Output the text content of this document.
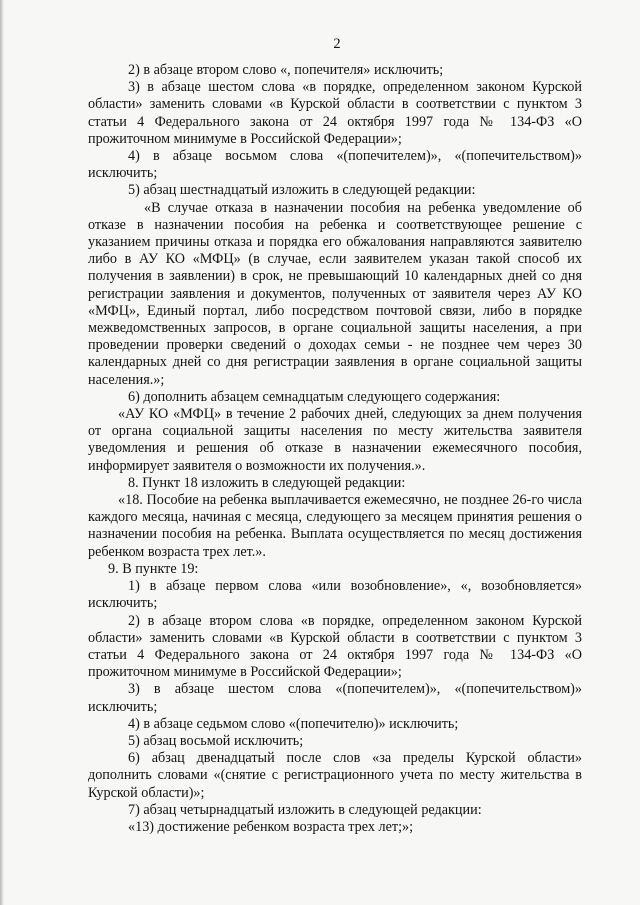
2

2) в абзаце втором слово «, попечителя» исключить;

3) в абзаце шестом слова «в порядке, определенном законом Курской области» заменить словами «в Курской области в соответствии с пунктом 3 статьи 4 Федерального закона от 24 октября 1997 года № 134-ФЗ «О прожиточном минимуме в Российской Федерации»;

4) в абзаце восьмом слова «(попечителем)», «(попечительством)» исключить;

5) абзац шестнадцатый изложить в следующей редакции:

«В случае отказа в назначении пособия на ребенка уведомление об отказе в назначении пособия на ребенка и соответствующее решение с указанием причины отказа и порядка его обжалования направляются заявителю либо в АУ КО «МФЦ» (в случае, если заявителем указан такой способ их получения в заявлении) в срок, не превышающий 10 календарных дней со дня регистрации заявления и документов, полученных от заявителя через АУ КО «МФЦ», Единый портал, либо посредством почтовой связи, либо в порядке межведомственных запросов, в органе социальной защиты населения, а при проведении проверки сведений о доходах семьи - не позднее чем через 30 календарных дней со дня регистрации заявления в органе социальной защиты населения.»;

6) дополнить абзацем семнадцатым следующего содержания:

«АУ КО «МФЦ» в течение 2 рабочих дней, следующих за днем получения от органа социальной защиты населения по месту жительства заявителя уведомления и решения об отказе в назначении ежемесячного пособия, информирует заявителя о возможности их получения.».

8. Пункт 18 изложить в следующей редакции:

«18. Пособие на ребенка выплачивается ежемесячно, не позднее 26-го числа каждого месяца, начиная с месяца, следующего за месяцем принятия решения о назначении пособия на ребенка. Выплата осуществляется по месяц достижения ребенком возраста трех лет.».

9. В пункте 19:

1) в абзаце первом слова «или возобновление», «, возобновляется» исключить;

2) в абзаце втором слова «в порядке, определенном законом Курской области» заменить словами «в Курской области в соответствии с пунктом 3 статьи 4 Федерального закона от 24 октября 1997 года № 134-ФЗ «О прожиточном минимуме в Российской Федерации»;

3) в абзаце шестом слова «(попечителем)», «(попечительством)» исключить;

4) в абзаце седьмом слово «(попечителю)» исключить;

5) абзац восьмой исключить;

6) абзац двенадцатый после слов «за пределы Курской области» дополнить словами «(снятие с регистрационного учета по месту жительства в Курской области)»;

7) абзац четырнадцатый изложить в следующей редакции:

«13) достижение ребенком возраста трех лет;»;
